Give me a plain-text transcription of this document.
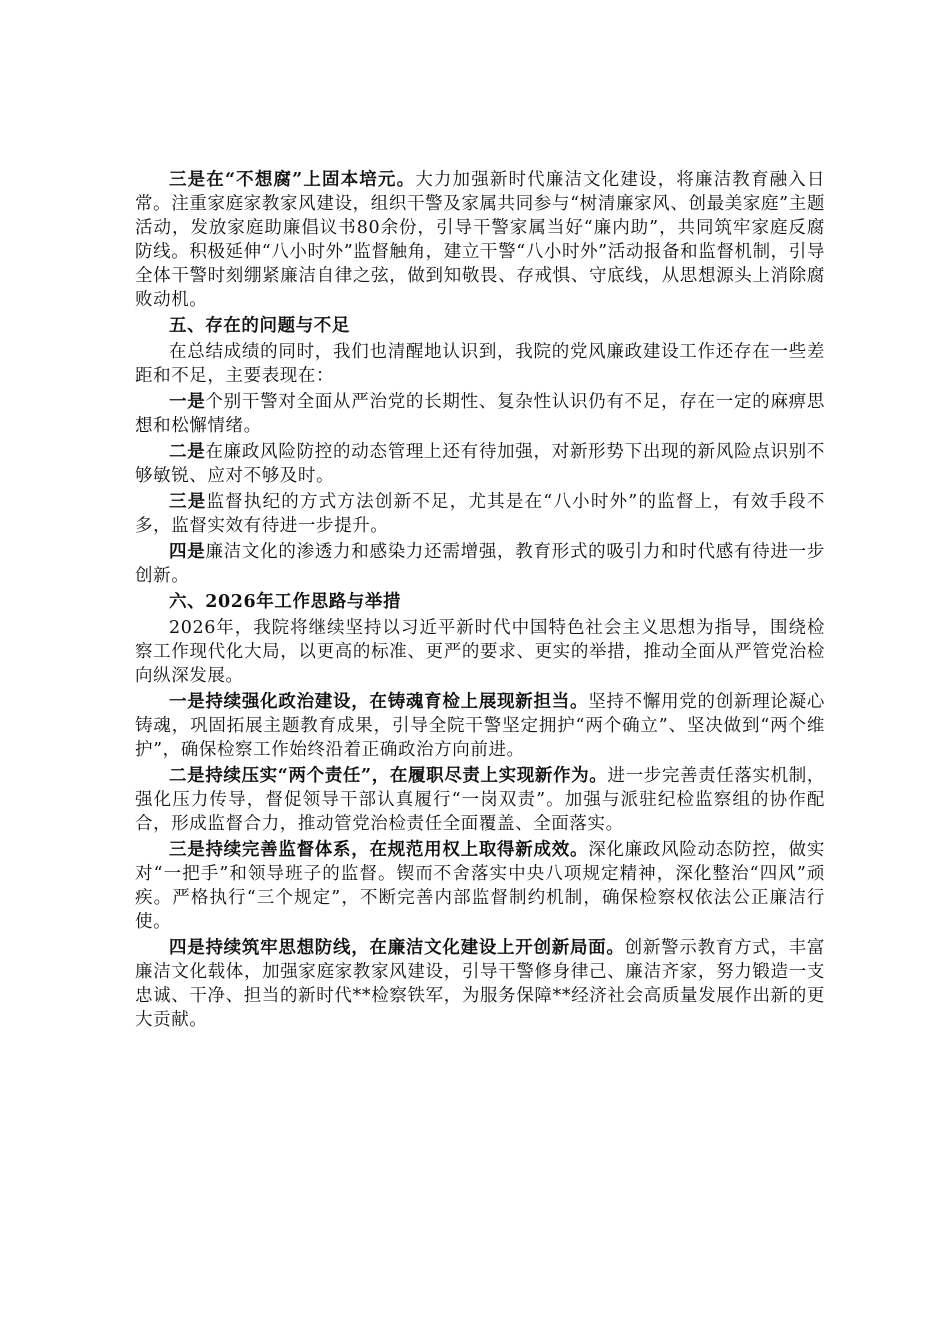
三是在“不想腐”上固本培元。大力加强新时代廉洁文化建设，将廉洁教育融入日常。注重家庭家教家风建设，组织干警及家属共同参与“树清廉家风、创最美家庭”主题活动，发放家庭助廉倡议书80余份，引导干警家属当好“廉内助”，共同筑牢家庭反腐防线。积极延伸“八小时外”监督触角，建立干警“八小时外”活动报备和监督机制，引导全体干警时刻绷紧廉洁自律之弦，做到知敬畏、存戒惧、守底线，从思想源头上消除腐败动机。

五、存在的问题与不足

在总结成绩的同时，我们也清醒地认识到，我院的党风廉政建设工作还存在一些差距和不足，主要表现在：

一是个别干警对全面从严治党的长期性、复杂性认识仍有不足，存在一定的麻痹思想和松懈情绪。

二是在廉政风险防控的动态管理上还有待加强，对新形势下出现的新风险点识别不够敏锐、应对不够及时。

三是监督执纪的方式方法创新不足，尤其是在“八小时外”的监督上，有效手段不多，监督实效有待进一步提升。

四是廉洁文化的渗透力和感染力还需增强，教育形式的吸引力和时代感有待进一步创新。

六、2026年工作思路与举措

2026年，我院将继续坚持以习近平新时代中国特色社会主义思想为指导，围绕检察工作现代化大局，以更高的标准、更严的要求、更实的举措，推动全面从严管党治检向纵深发展。

一是持续强化政治建设，在铸魂育检上展现新担当。坚持不懈用党的创新理论凝心铸魂，巩固拓展主题教育成果，引导全院干警坚定拥护“两个确立”、坚决做到“两个维护”，确保检察工作始终沿着正确政治方向前进。

二是持续压实“两个责任”，在履职尽责上实现新作为。进一步完善责任落实机制，强化压力传导，督促领导干部认真履行“一岗双责”。加强与派驻纪检监察组的协作配合，形成监督合力，推动管党治检责任全面覆盖、全面落实。

三是持续完善监督体系，在规范用权上取得新成效。深化廉政风险动态防控，做实对“一把手”和领导班子的监督。锲而不舍落实中央八项规定精神，深化整治“四风”顽疾。严格执行“三个规定”，不断完善内部监督制约机制，确保检察权依法公正廉洁行使。

四是持续筑牢思想防线，在廉洁文化建设上开创新局面。创新警示教育方式，丰富廉洁文化载体，加强家庭家教家风建设，引导干警修身律己、廉洁齐家，努力锻造一支忠诚、干净、担当的新时代**检察铁军，为服务保障**经济社会高质量发展作出新的更大贡献。
